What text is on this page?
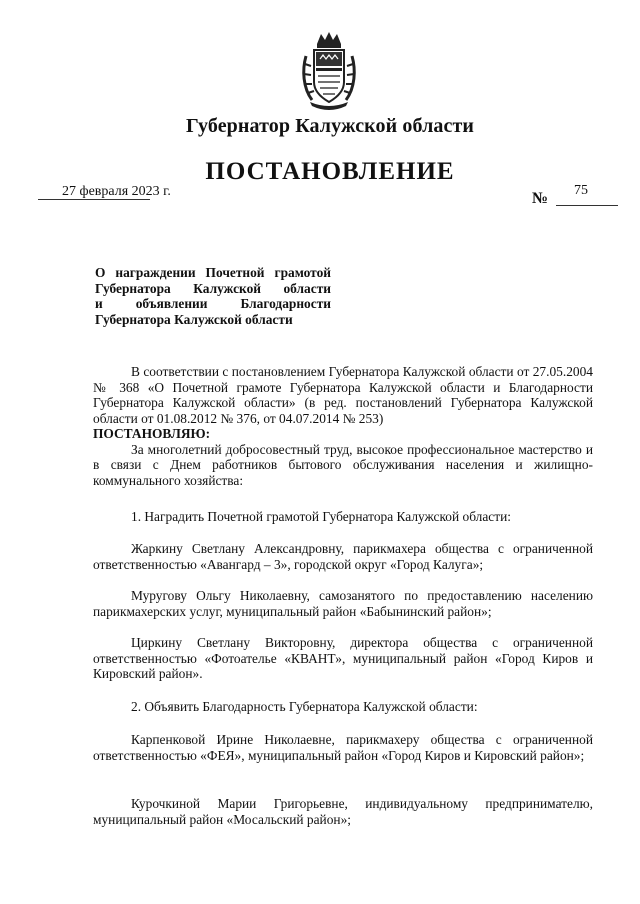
Губернатор Калужской области
ПОСТАНОВЛЕНИЕ
27 февраля 2023 г.	№ 75
О награждении Почетной грамотой
Губернатора Калужской области
и объявлении Благодарности
Губернатора Калужской области

В соответствии с постановлением Губернатора Калужской области от 27.05.2004 № 368 «О Почетной грамоте Губернатора Калужской области и Благодарности Губернатора Калужской области» (в ред. постановлений Губернатора Калужской области от 01.08.2012 № 376, от 04.07.2014 № 253)

ПОСТАНОВЛЯЮ:

За многолетний добросовестный труд, высокое профессиональное мастерство и в связи с Днем работников бытового обслуживания населения и жилищно-коммунального хозяйства:

1. Наградить Почетной грамотой Губернатора Калужской области:

Жаркину Светлану Александровну, парикмахера общества с ограниченной ответственностью «Авангард – 3», городской округ «Город Калуга»;

Муругову Ольгу Николаевну, самозанятого по предоставлению населению парикмахерских услуг, муниципальный район «Бабынинский район»;

Циркину Светлану Викторовну, директора общества с ограниченной ответственностью «Фотоателье «КВАНТ», муниципальный район «Город Киров и Кировский район».

2. Объявить Благодарность Губернатора Калужской области:

Карпенковой Ирине Николаевне, парикмахеру общества с ограниченной ответственностью «ФЕЯ», муниципальный район «Город Киров и Кировский район»;

Курочкиной Марии Григорьевне, индивидуальному предпринимателю, муниципальный район «Мосальский район»;
